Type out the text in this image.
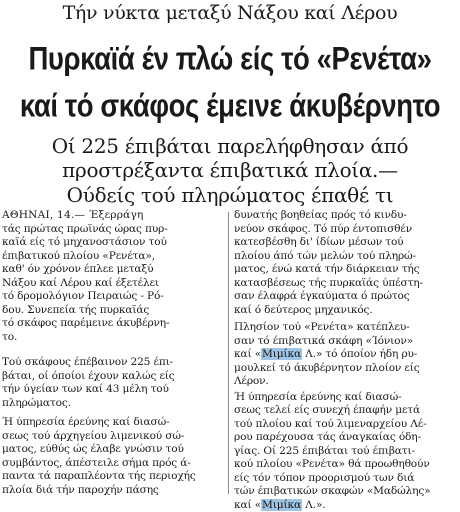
Τήν νύκτα μεταξύ Νάξου καί Λέρου
Πυρκαϊά έν πλώ είς τό «Ρενέτα»
καί τό σκάφος έμεινε άκυβέρνητο
Οί 225 έπιβάται παρελήφθησαν άπό
προστρέξαντα έπιβατικά πλοία.—
Ούδείς τού πληρώματος έπαθέ τι

ΑΘΗΝΑΙ, 14.— Έξερράγη

τάς πρώτας πρωϊνάς ώρας πυρ-

καϊά είς τό μηχανοστάσιον τού

έπιβατικού πλοίου «Ρενέτα»,

καθ' όν χρόνον έπλεε μεταξύ

Νάξου καί Λέρου καί έξετέλει

τό δρομολόγιον Πειραιώς - Ρό-

δου. Συνεπεία τής πυρκαϊάς

τό σκάφος παρέμεινε άκυβέρνη-

το.

Τού σκάφους έπέβαινον 225 έπι-

βάται, οί όποίοι έχουν καλώς είς

τήν ύγείαν των καί 43 μέλη τού

πληρώματος.

Ή ύπηρεσία έρεύνης καί διασώ-

σεως τού άρχηγείου λιμενικού σώ-

ματος, εύθύς ώς έλαβε γνώσιν τού

συμβάντος, άπέστειλε σήμα πρός ά-

παντα τά παραπλέοντα τής περιοχής

πλοία διά τήν παροχήν πάσης

δυνατής βοηθείας πρός τό κινδυ-

νεύον σκάφος. Τό πύρ έντοπισθέν

κατεσβέσθη δι' ίδίων μέσων τού

πλοίου άπό τών μελών τού πληρώ-

ματος, ένώ κατά τήν διάρκειαν τής

κατασβέσεως τής πυρκαϊάς ύπέστη-

σαν έλαφρά έγκαύματα ό πρώτος

καί ό δεύτερος μηχανικός.

Πλησίον τού «Ρενέτα» κατέπλευ-

σαν τό έπιβατικά σκάφη «Ίόνιον»

καί «Μιμίκα Λ.» τό όποίον ήδη ρυ-

μουλκεί τό άκυβέρνητον πλοίον είς

Λέρον.

Ή ύπηρεσία έρεύνης καί διασώ-

σεως τελεί είς συνεχή έπαφήν μετά

τού πλοίου καί τού λιμεναρχείου Λέ-

ρου παρέχουσα τάς άναγκαίας όδη-

γίας. Οί 225 έπιβάται τού έπιβατι-

κού πλοίου «Ρενέτα» θά προωθηθούν

είς τόν τόπον προορισμού των διά

τών έπιβατικών σκαφών «Μαδώλης»

καί «Μιμίκα Λ.».
